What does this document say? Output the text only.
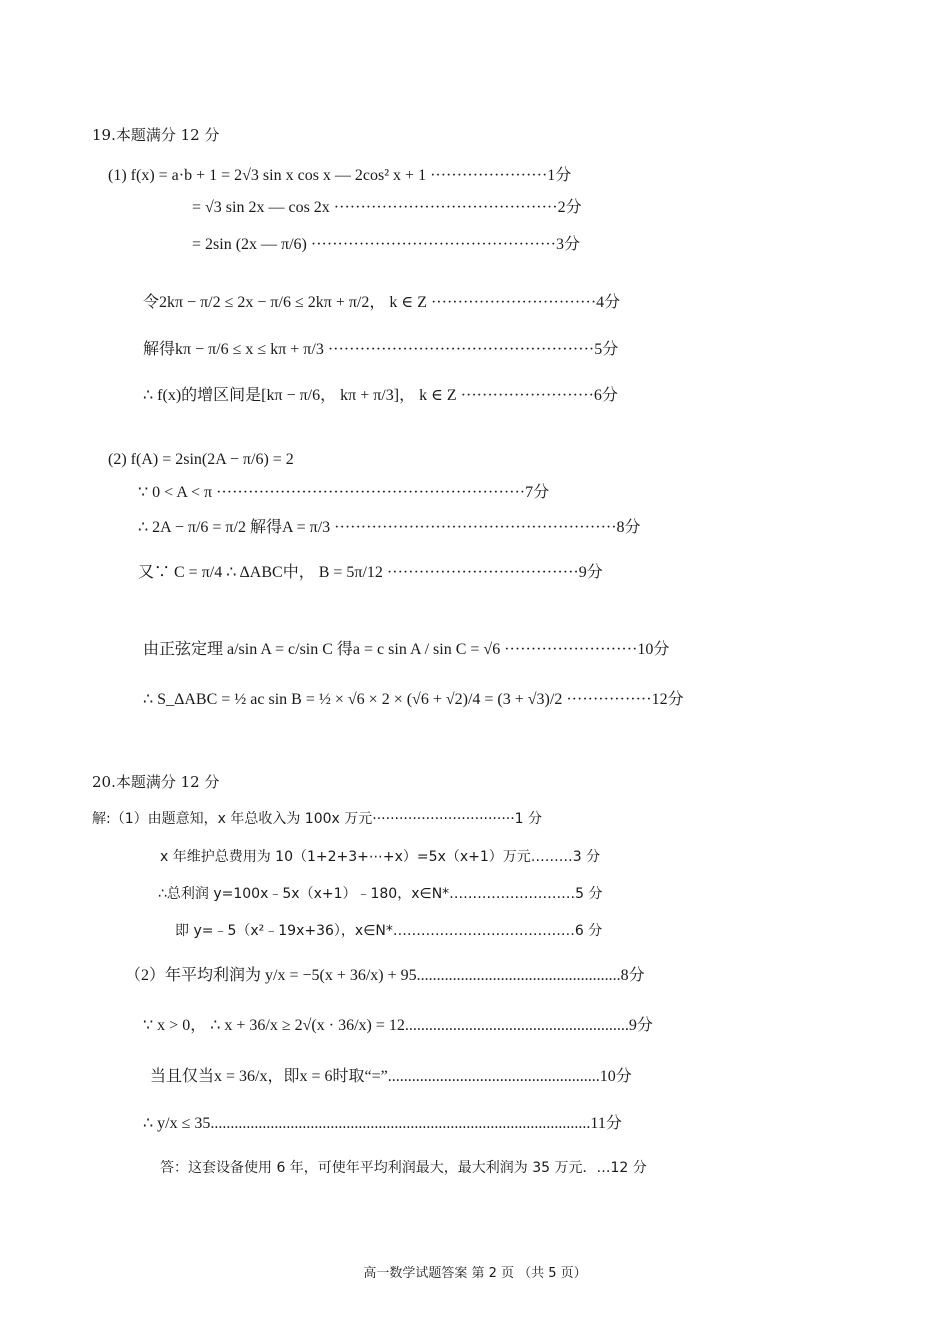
19.本题满分 12 分
(1) f(x) = a·b + 1 = 2√3 sin x cos x — 2cos² x + 1 ······················1分
= √3 sin 2x — cos 2x ··········································2分
= 2sin (2x — π/6) ··············································3分
令2kπ − π/2 ≤ 2x − π/6 ≤ 2kπ + π/2， k ∈ Z ·······························4分
解得kπ − π/6 ≤ x ≤ kπ + π/3 ··················································5分
∴ f(x)的增区间是[kπ − π/6， kπ + π/3]， k ∈ Z ·························6分
(2) f(A) = 2sin(2A − π/6) = 2
∵ 0 < A < π ··························································7分
∴ 2A − π/6 = π/2 解得A = π/3 ·····················································8分
又∵ C = π/4 ∴ ΔABC中， B = 5π/12 ····································9分
由正弦定理 a/sin A = c/sin C 得a = c sin A / sin C = √6 ·························10分
∴ S_ΔABC = ½ ac sin B = ½ × √6 × 2 × (√6 + √2)/4 = (3 + √3)/2 ················12分
20.本题满分 12 分
解:（1）由题意知，x 年总收入为 100x 万元································1 分
x 年维护总费用为 10（1+2+3+⋯+x）=5x（x+1）万元………3 分
∴总利润 y=100x﹣5x（x+1）﹣180，x∈N*………………………5 分
即 y=﹣5（x²﹣19x+36），x∈N*…………………………………6 分
（2）年平均利润为 y/x = −5(x + 36/x) + 95...................................................8分
∵ x > 0， ∴ x + 36/x ≥ 2√(x · 36/x) = 12........................................................9分
当且仅当x = 36/x，即x = 6时取“=”.....................................................10分
∴ y/x ≤ 35...............................................................................................11分
答：这套设备使用 6 年，可使年平均利润最大，最大利润为 35 万元．…12 分
高一数学试题答案 第 2 页 （共 5 页）
